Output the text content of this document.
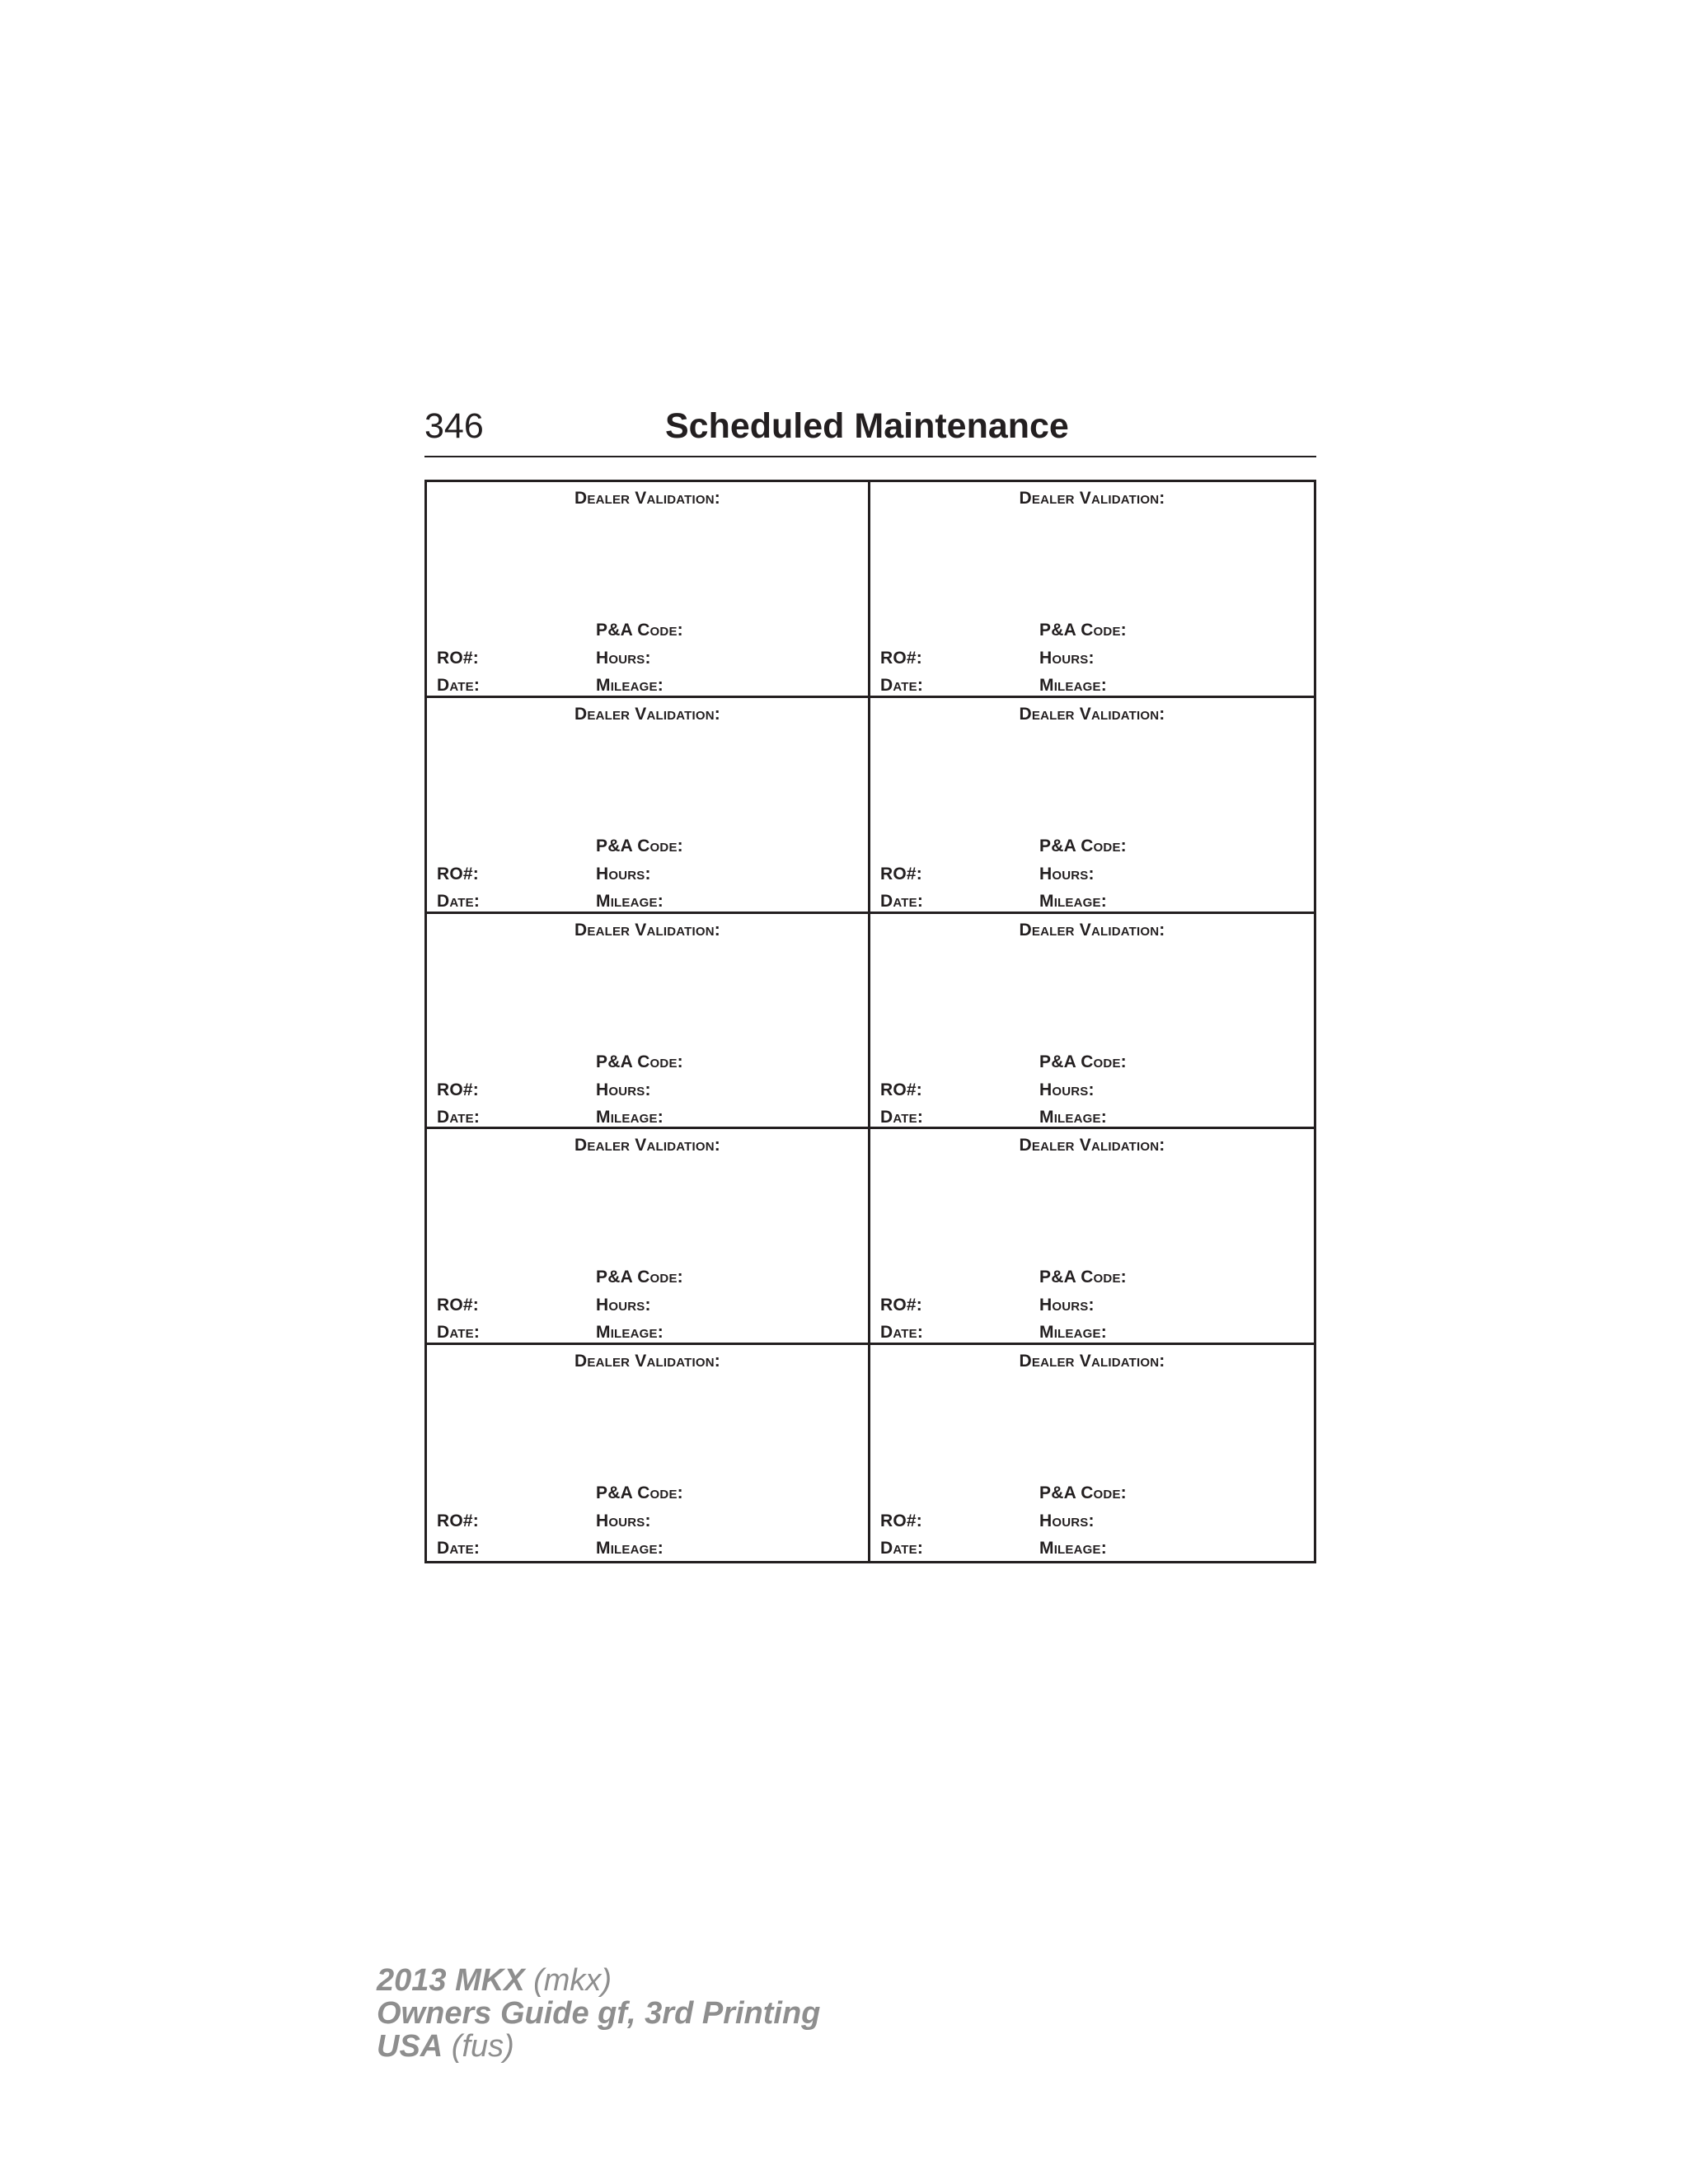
346	Scheduled Maintenance
Dealer Validation:
P&A Code:
RO#:	Hours:
Date:	Mileage:
Dealer Validation:
P&A Code:
RO#:	Hours:
Date:	Mileage:
Dealer Validation:
P&A Code:
RO#:	Hours:
Date:	Mileage:
Dealer Validation:
P&A Code:
RO#:	Hours:
Date:	Mileage:
Dealer Validation:
P&A Code:
RO#:	Hours:
Date:	Mileage:
Dealer Validation:
P&A Code:
RO#:	Hours:
Date:	Mileage:
Dealer Validation:
P&A Code:
RO#:	Hours:
Date:	Mileage:
Dealer Validation:
P&A Code:
RO#:	Hours:
Date:	Mileage:
Dealer Validation:
P&A Code:
RO#:	Hours:
Date:	Mileage:
Dealer Validation:
P&A Code:
RO#:	Hours:
Date:	Mileage:
2013 MKX (mkx)
Owners Guide gf, 3rd Printing
USA (fus)
